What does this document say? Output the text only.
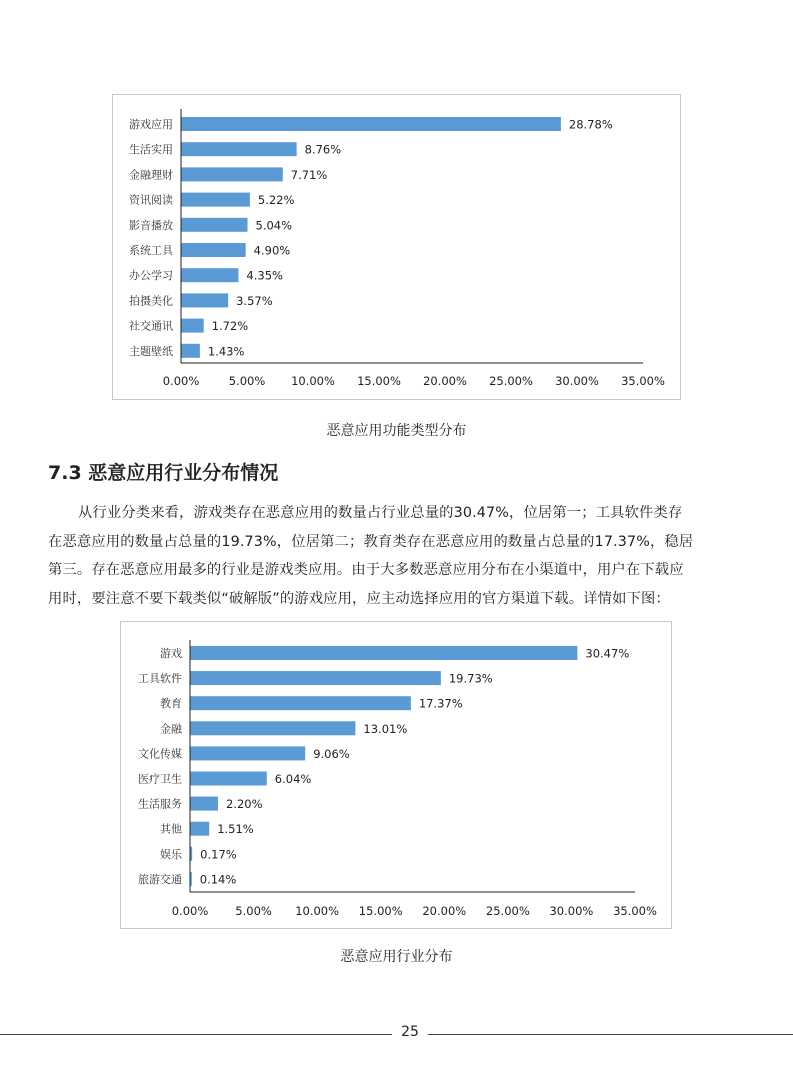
游戏应用	28.78%
生活实用	8.76%
金融理财	7.71%
资讯阅读	5.22%
影音播放	5.04%
系统工具	4.90%
办公学习	4.35%
拍摄美化	3.57%
社交通讯	1.72%
主题壁纸	1.43%
0.00%	5.00% 10.00% 15.00% 20.00% 25.00% 30.00% 35.00%
恶意应用功能类型分布
7.3 恶意应用行业分布情况
从行业分类来看，游戏类存在恶意应用的数量占行业总量的30.47%，位居第一；工具软件类存
在恶意应用的数量占总量的19.73%，位居第二；教育类存在恶意应用的数量占总量的17.37%，稳居
第三。存在恶意应用最多的行业是游戏类应用。由于大多数恶意应用分布在小渠道中，用户在下载应
用时，要注意不要下载类似“破解版”的游戏应用，应主动选择应用的官方渠道下载。详情如下图：
游戏	30.47%
工具软件	19.73%
教育	17.37%
金融	13.01%
文化传媒	9.06%
医疗卫生	6.04%
生活服务	2.20%
其他	1.51%
娱乐 0.17%
旅游交通 0.14%
0.00% 5.00% 10.00% 15.00% 20.00% 25.00% 30.00% 35.00%
恶意应用行业分布
25
